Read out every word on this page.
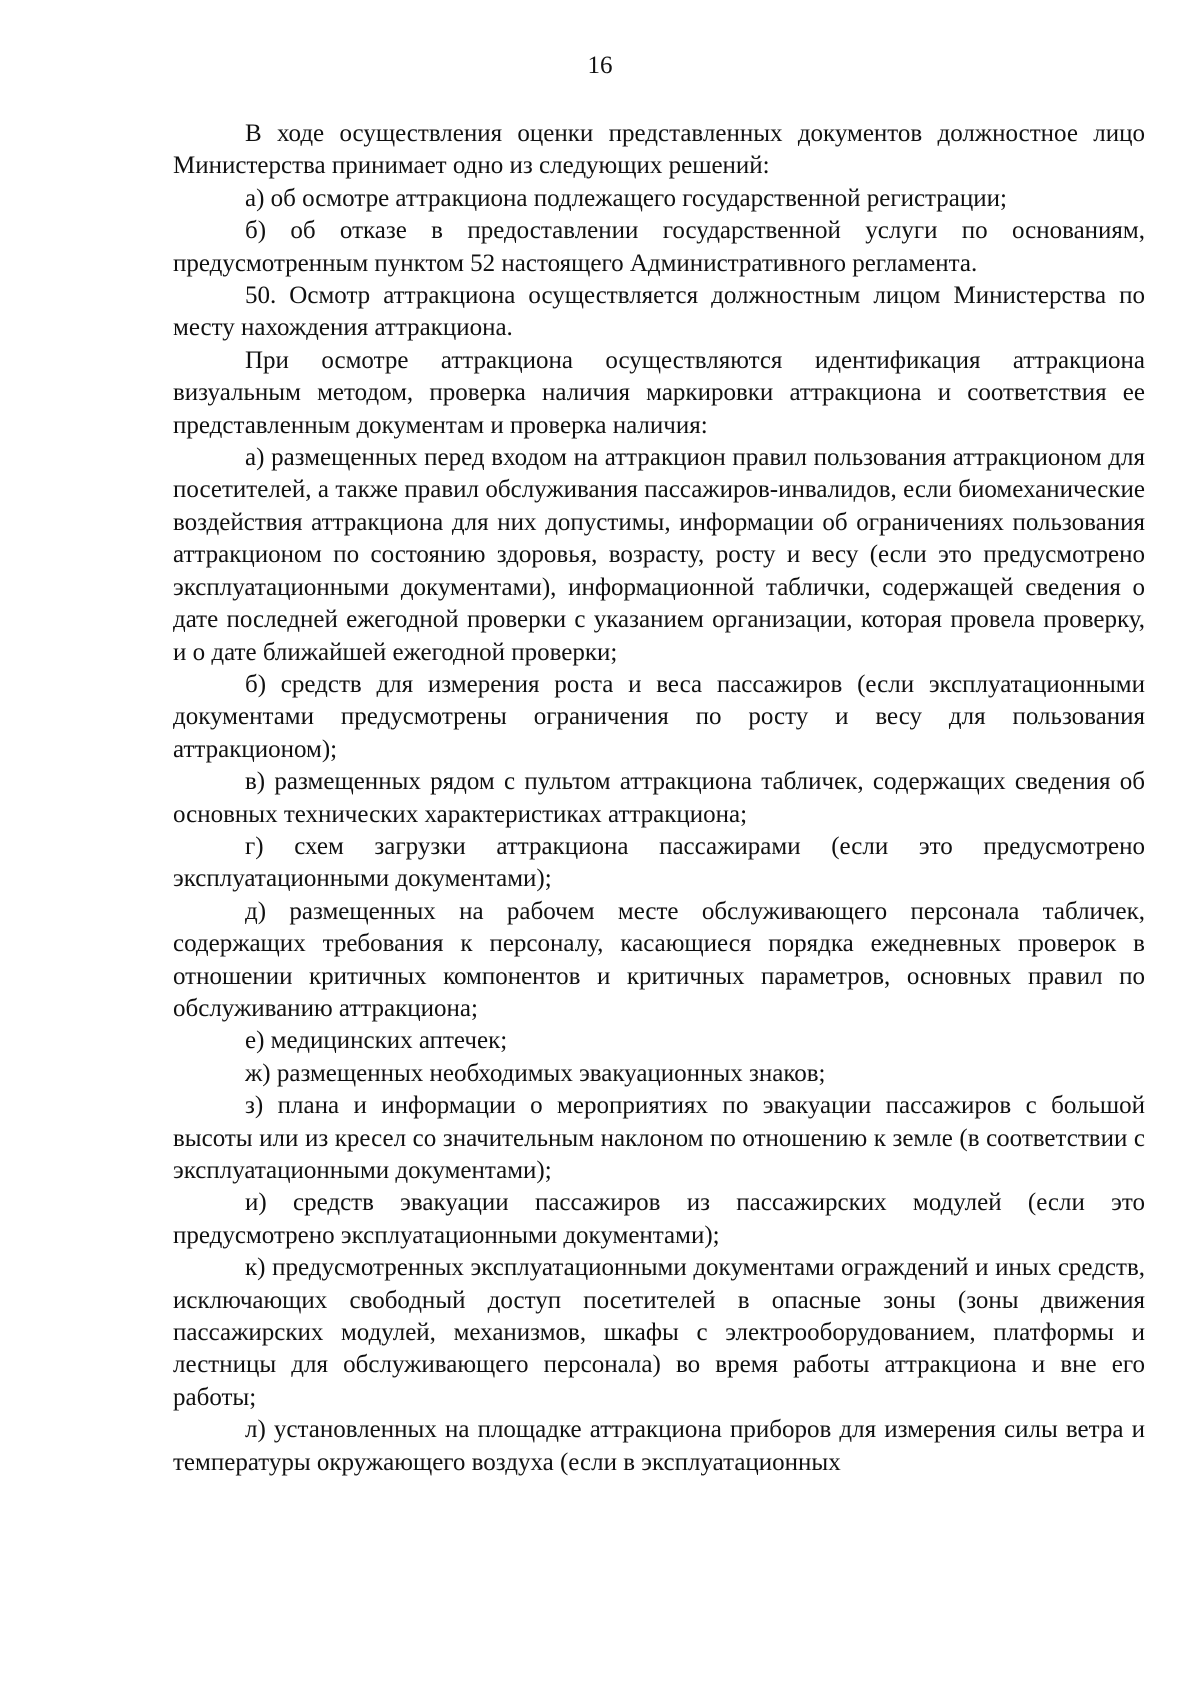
16

В ходе осуществления оценки представленных документов должностное лицо Министерства принимает одно из следующих решений:

а) об осмотре аттракциона подлежащего государственной регистрации;

б) об отказе в предоставлении государственной услуги по основаниям, предусмотренным пунктом 52 настоящего Административного регламента.

50. Осмотр аттракциона осуществляется должностным лицом Министерства по месту нахождения аттракциона.

При осмотре аттракциона осуществляются идентификация аттракциона визуальным методом, проверка наличия маркировки аттракциона и соответствия ее представленным документам и проверка наличия:

а) размещенных перед входом на аттракцион правил пользования аттракционом для посетителей, а также правил обслуживания пассажиров-инвалидов, если биомеханические воздействия аттракциона для них допустимы, информации об ограничениях пользования аттракционом по состоянию здоровья, возрасту, росту и весу (если это предусмотрено эксплуатационными документами), информационной таблички, содержащей сведения о дате последней ежегодной проверки с указанием организации, которая провела проверку, и о дате ближайшей ежегодной проверки;

б) средств для измерения роста и веса пассажиров (если эксплуатационными документами предусмотрены ограничения по росту и весу для пользования аттракционом);

в) размещенных рядом с пультом аттракциона табличек, содержащих сведения об основных технических характеристиках аттракциона;

г) схем загрузки аттракциона пассажирами (если это предусмотрено эксплуатационными документами);

д) размещенных на рабочем месте обслуживающего персонала табличек, содержащих требования к персоналу, касающиеся порядка ежедневных проверок в отношении критичных компонентов и критичных параметров, основных правил по обслуживанию аттракциона;

е) медицинских аптечек;

ж) размещенных необходимых эвакуационных знаков;

з) плана и информации о мероприятиях по эвакуации пассажиров с большой высоты или из кресел со значительным наклоном по отношению к земле (в соответствии с эксплуатационными документами);

и) средств эвакуации пассажиров из пассажирских модулей (если это предусмотрено эксплуатационными документами);

к) предусмотренных эксплуатационными документами ограждений и иных средств, исключающих свободный доступ посетителей в опасные зоны (зоны движения пассажирских модулей, механизмов, шкафы с электрооборудованием, платформы и лестницы для обслуживающего персонала) во время работы аттракциона и вне его работы;

л) установленных на площадке аттракциона приборов для измерения силы ветра и температуры окружающего воздуха (если в эксплуатационных
